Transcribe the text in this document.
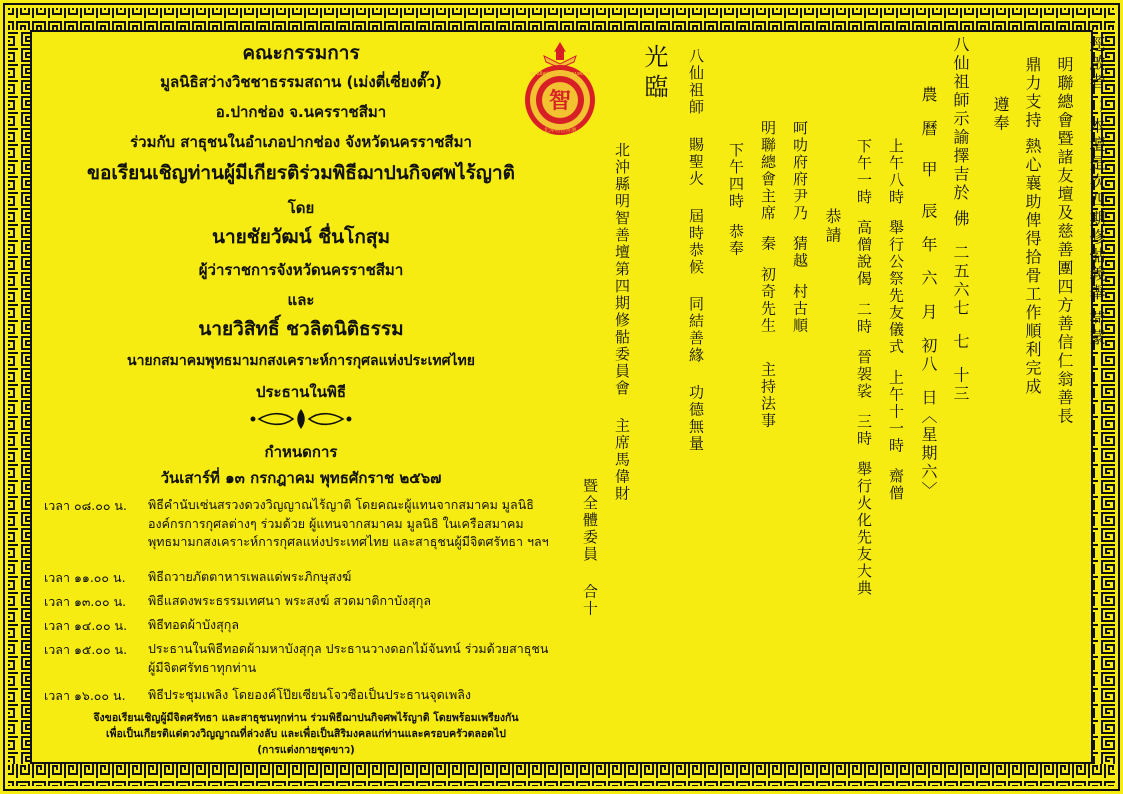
คณะกรรมการ
มูลนิธิสว่างวิชชาธรรมสถาน (เม่งตี่เซี่ยงตั๊ว)
อ.ปากช่อง จ.นครราชสีมา
ร่วมกับ สาธุชนในอำเภอปากช่อง จังหวัดนครราชสีมา
ขอเรียนเชิญท่านผู้มีเกียรติร่วมพิธีฌาปนกิจศพไร้ญาติ
โดย
นายชัยวัฒน์ ชื่นโกสุม
ผู้ว่าราชการจังหวัดนครราชสีมา
และ
นายวิสิทธิ์ ชวลิตนิติธรรม
นายกสมาคมพุทธมามกสงเคราะห์การกุศลแห่งประเทศไทย
ประธานในพิธี
กำหนดการ
วันเสาร์ที่ ๑๓ กรกฎาคม พุทธศักราช ๒๕๖๗
เวลา ๐๘.๐๐ น. พิธีคำนับเซ่นสรวงดวงวิญญาณไร้ญาติ โดยคณะผู้แทนจากสมาคม มูลนิธิ
องค์กรการกุศลต่างๆ ร่วมด้วย ผู้แทนจากสมาคม มูลนิธิ ในเครือสมาคม
พุทธมามกสงเคราะห์การกุศลแห่งประเทศไทย และสาธุชนผู้มีจิตศรัทธา ฯลฯ
เวลา ๑๑.๐๐ น. พิธีถวายภัตตาหารเพลแด่พระภิกษุสงฆ์
เวลา ๑๓.๐๐ น. พิธีแสดงพระธรรมเทศนา พระสงฆ์ สวดมาติกาบังสุกุล
เวลา ๑๔.๐๐ น. พิธีทอดผ้าบังสุกุล
เวลา ๑๕.๐๐ น. ประธานในพิธีทอดผ้ามหาบังสุกุล ประธานวางดอกไม้จันทน์ ร่วมด้วยสาธุชน
ผู้มีจิตศรัทธาทุกท่าน
เวลา ๑๖.๐๐ น. พิธีประชุมเพลิง โดยองค์โป๊ยเซียนโจวซือเป็นประธานจุดเพลิง
จึงขอเรียนเชิญผู้มีจิตศรัทธา และสาธุชนทุกท่าน ร่วมพิธีฌาปนกิจศพไร้ญาติ โดยพร้อมเพรียงกัน
เพื่อเป็นเกียรติแด่ดวงวิญญาณที่ล่วงลับ และเพื่อเป็นสิริมงคลแก่ท่านและครอบครัวตลอดไป
(การแต่งกายชุดขาว)
智
มูลนิธิสว่างวิชชาธรรมสถาน
北沖明智善壇	逕啟者 ；本壇是次四期修骷義舉 荷蒙
明聯總會暨諸友壇及慈善團四方善信仁翁善長
鼎力支持 熱心襄助俾得拾骨工作順利完成
遵奉
八仙祖師示諭擇吉於 佛  二五六七  七  十三
農  曆   甲   辰  年  六  月  初八  日〈星期六〉
上午八時  舉行公祭先友儀式  上午十一時  齋僧
下午一時  高僧說偈  二時  晉袈裟  三時  舉行火化先友大典
恭請
呵叻府府尹乃  猜越  村古順
明聯總會主席  秦  初奇先生    主持法事
下午四時  恭奉
八仙祖師   賜聖火   屆時恭候   同結善緣   功德無量
光臨
北沖縣明智善壇第四期修骷委員會   主席馬偉財
暨全體委員   合十
